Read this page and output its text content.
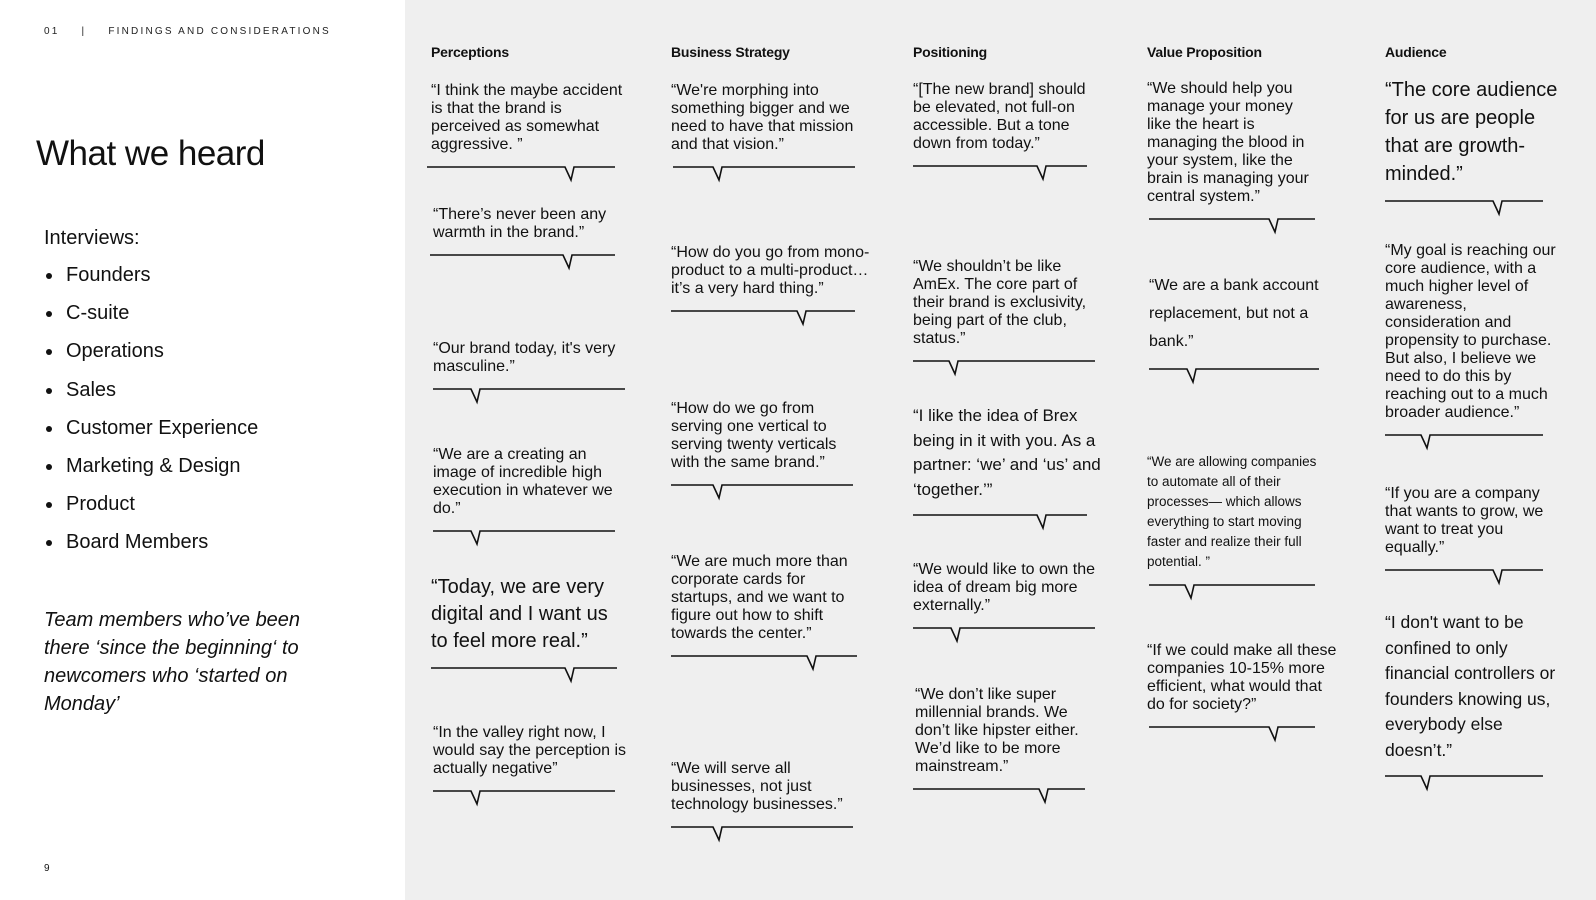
01 | FINDINGS AND CONSIDERATIONS
What we heard
Interviews:
Founders
C-suite
Operations
Sales
Customer Experience
Marketing & Design
Product
Board Members
Team members who’ve been there ‘since the beginning‘ to newcomers who ‘started on Monday’
9
Perceptions

“I think the maybe accident is that the brand is perceived as somewhat aggressive. ”

“There’s never been any warmth in the brand.”

“Our brand today, it's very masculine.”

“We are a creating an image of incredible high execution in whatever we do.”

“Today, we are very digital and I want us to feel more real.”

“In the valley right now, I would say the perception is actually negative”

Business Strategy

“We're morphing into something bigger and we need to have that mission and that vision.”

“How do you go from mono-product to a multi-product… it’s a very hard thing.”

“How do we go from serving one vertical to serving twenty verticals with the same brand.”

“We are much more than corporate cards for startups, and we want to figure out how to shift towards the center.”

“We will serve all businesses, not just technology businesses.”

Positioning

“[The new brand] should be elevated, not full-on accessible. But a tone down from today.”

“We shouldn’t be like AmEx. The core part of their brand is exclusivity, being part of the club, status.”

“I like the idea of Brex being in it with you. As a partner: ‘we’ and ‘us’ and ‘together.’”

“We would like to own the idea of dream big more externally.”

“We don’t like super millennial brands. We don’t like hipster either. We’d like to be more mainstream.”

Value Proposition

“We should help you manage your money like the heart is managing the blood in your system, like the brain is managing your central system.”

“We are a bank account replacement, but not a bank.”

“We are allowing companies to automate all of their processes— which allows everything to start moving faster and realize their full potential. ”

“If we could make all these companies 10-15% more efficient, what would that do for society?”

Audience

“The core audience for us are people that are growth-minded.”

“My goal is reaching our core audience, with a much higher level of awareness, consideration and propensity to purchase. But also, I believe we need to do this by reaching out to a much broader audience.”

“If you are a company that wants to grow, we want to treat you equally.”

“I don't want to be confined to only financial controllers or founders knowing us, everybody else doesn’t.”
